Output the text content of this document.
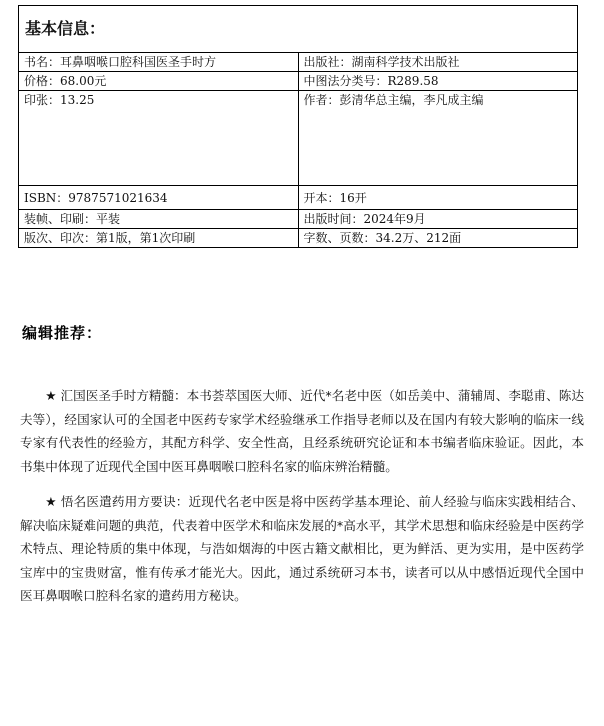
基本信息：	
书名：耳鼻咽喉口腔科国医圣手时方	出版社：湖南科学技术出版社
价格：68.00元	中图法分类号：R289.58
印张：13.25	作者：彭清华总主编，李凡成主编
ISBN：9787571021634	开本：16开
装帧、印刷：平装	出版时间：2024年9月
版次、印次：第1版，第1次印刷	字数、页数：34.2万、212面
编辑推荐：

★ 汇国医圣手时方精髓：本书荟萃国医大师、近代*名老中医（如岳美中、蒲辅周、李聪甫、陈达夫等），经国家认可的全国老中医药专家学术经验继承工作指导老师以及在国内有较大影响的临床一线专家有代表性的经验方，其配方科学、安全性高，且经系统研究论证和本书编者临床验证。因此，本书集中体现了近现代全国中医耳鼻咽喉口腔科名家的临床辨治精髓。

★ 悟名医遣药用方要诀：近现代名老中医是将中医药学基本理论、前人经验与临床实践相结合、解决临床疑难问题的典范，代表着中医学术和临床发展的*高水平，其学术思想和临床经验是中医药学术特点、理论特质的集中体现，与浩如烟海的中医古籍文献相比，更为鲜活、更为实用，是中医药学宝库中的宝贵财富，惟有传承才能光大。因此，通过系统研习本书，读者可以从中感悟近现代全国中医耳鼻咽喉口腔科名家的遣药用方秘诀。
